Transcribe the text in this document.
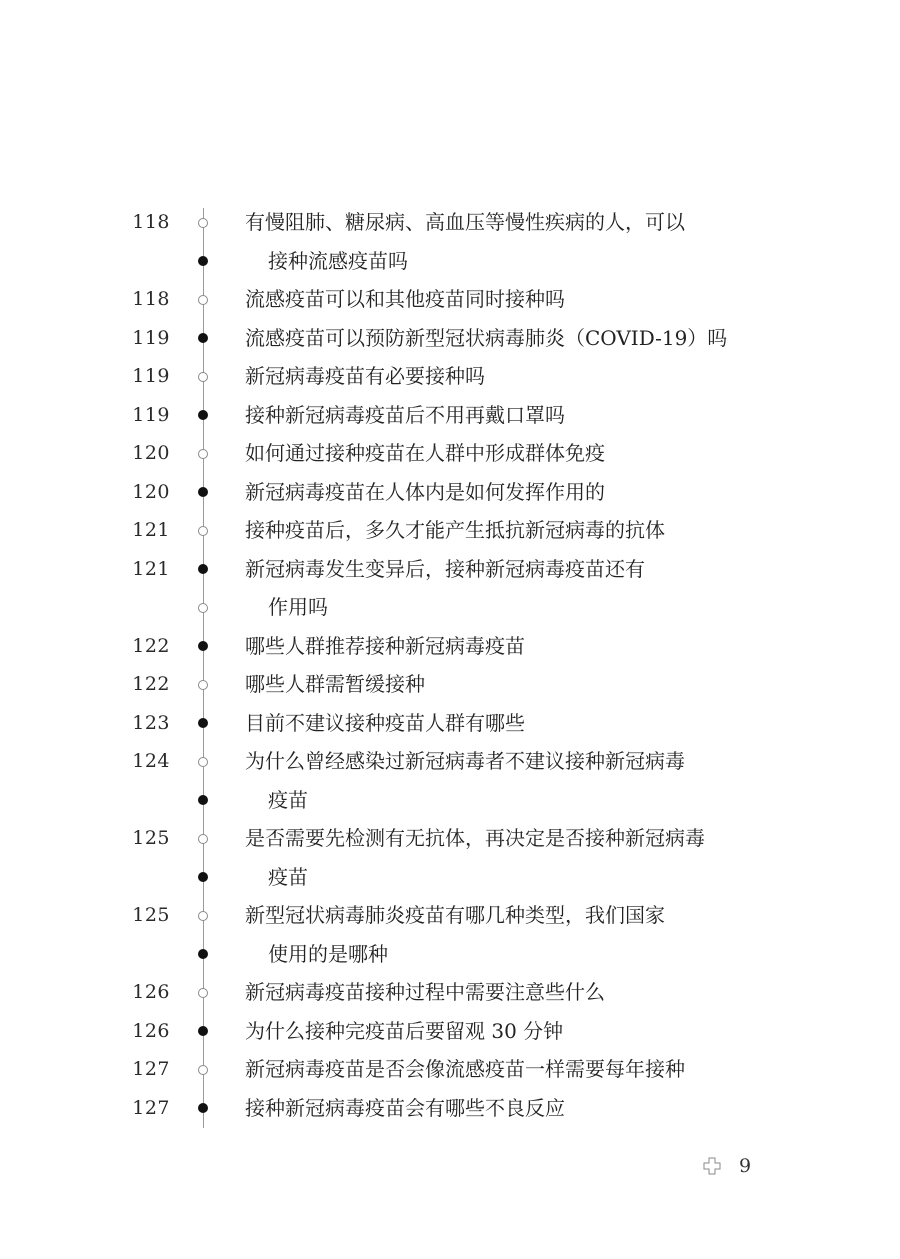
118	有慢阻肺、糖尿病、高血压等慢性疾病的人，可以
接种流感疫苗吗
118	流感疫苗可以和其他疫苗同时接种吗
119	流感疫苗可以预防新型冠状病毒肺炎（COVID-19）吗
119	新冠病毒疫苗有必要接种吗
119	接种新冠病毒疫苗后不用再戴口罩吗
120	如何通过接种疫苗在人群中形成群体免疫
120	新冠病毒疫苗在人体内是如何发挥作用的
121	接种疫苗后，多久才能产生抵抗新冠病毒的抗体
121	新冠病毒发生变异后，接种新冠病毒疫苗还有
作用吗
122	哪些人群推荐接种新冠病毒疫苗
122	哪些人群需暂缓接种
123	目前不建议接种疫苗人群有哪些
124	为什么曾经感染过新冠病毒者不建议接种新冠病毒
疫苗
125	是否需要先检测有无抗体，再决定是否接种新冠病毒
疫苗
125	新型冠状病毒肺炎疫苗有哪几种类型，我们国家
使用的是哪种
126	新冠病毒疫苗接种过程中需要注意些什么
126	为什么接种完疫苗后要留观 30 分钟
127	新冠病毒疫苗是否会像流感疫苗一样需要每年接种
127	接种新冠病毒疫苗会有哪些不良反应
9
